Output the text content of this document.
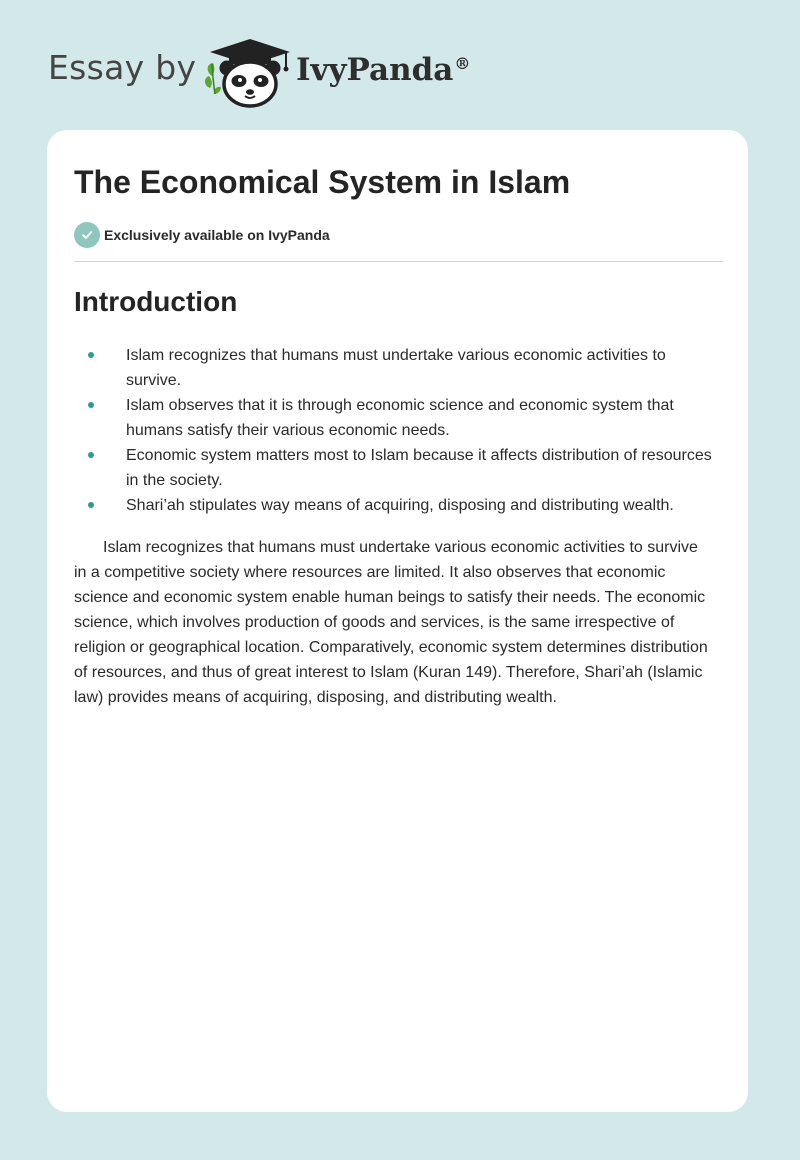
Essay by	IvyPanda®
The Economical System in Islam
Exclusively available on IvyPanda
Introduction
Islam recognizes that humans must undertake various economic activities to survive.
Islam observes that it is through economic science and economic system that humans satisfy their various economic needs.
Economic system matters most to Islam because it affects distribution of resources in the society.
Shari’ah stipulates way means of acquiring, disposing and distributing wealth.

Islam recognizes that humans must undertake various economic activities to survive in a competitive society where resources are limited. It also observes that economic science and economic system enable human beings to satisfy their needs. The economic science, which involves production of goods and services, is the same irrespective of religion or geographical location. Comparatively, economic system determines distribution of resources, and thus of great interest to Islam (Kuran 149). Therefore, Shari’ah (Islamic law) provides means of acquiring, disposing, and distributing wealth.
